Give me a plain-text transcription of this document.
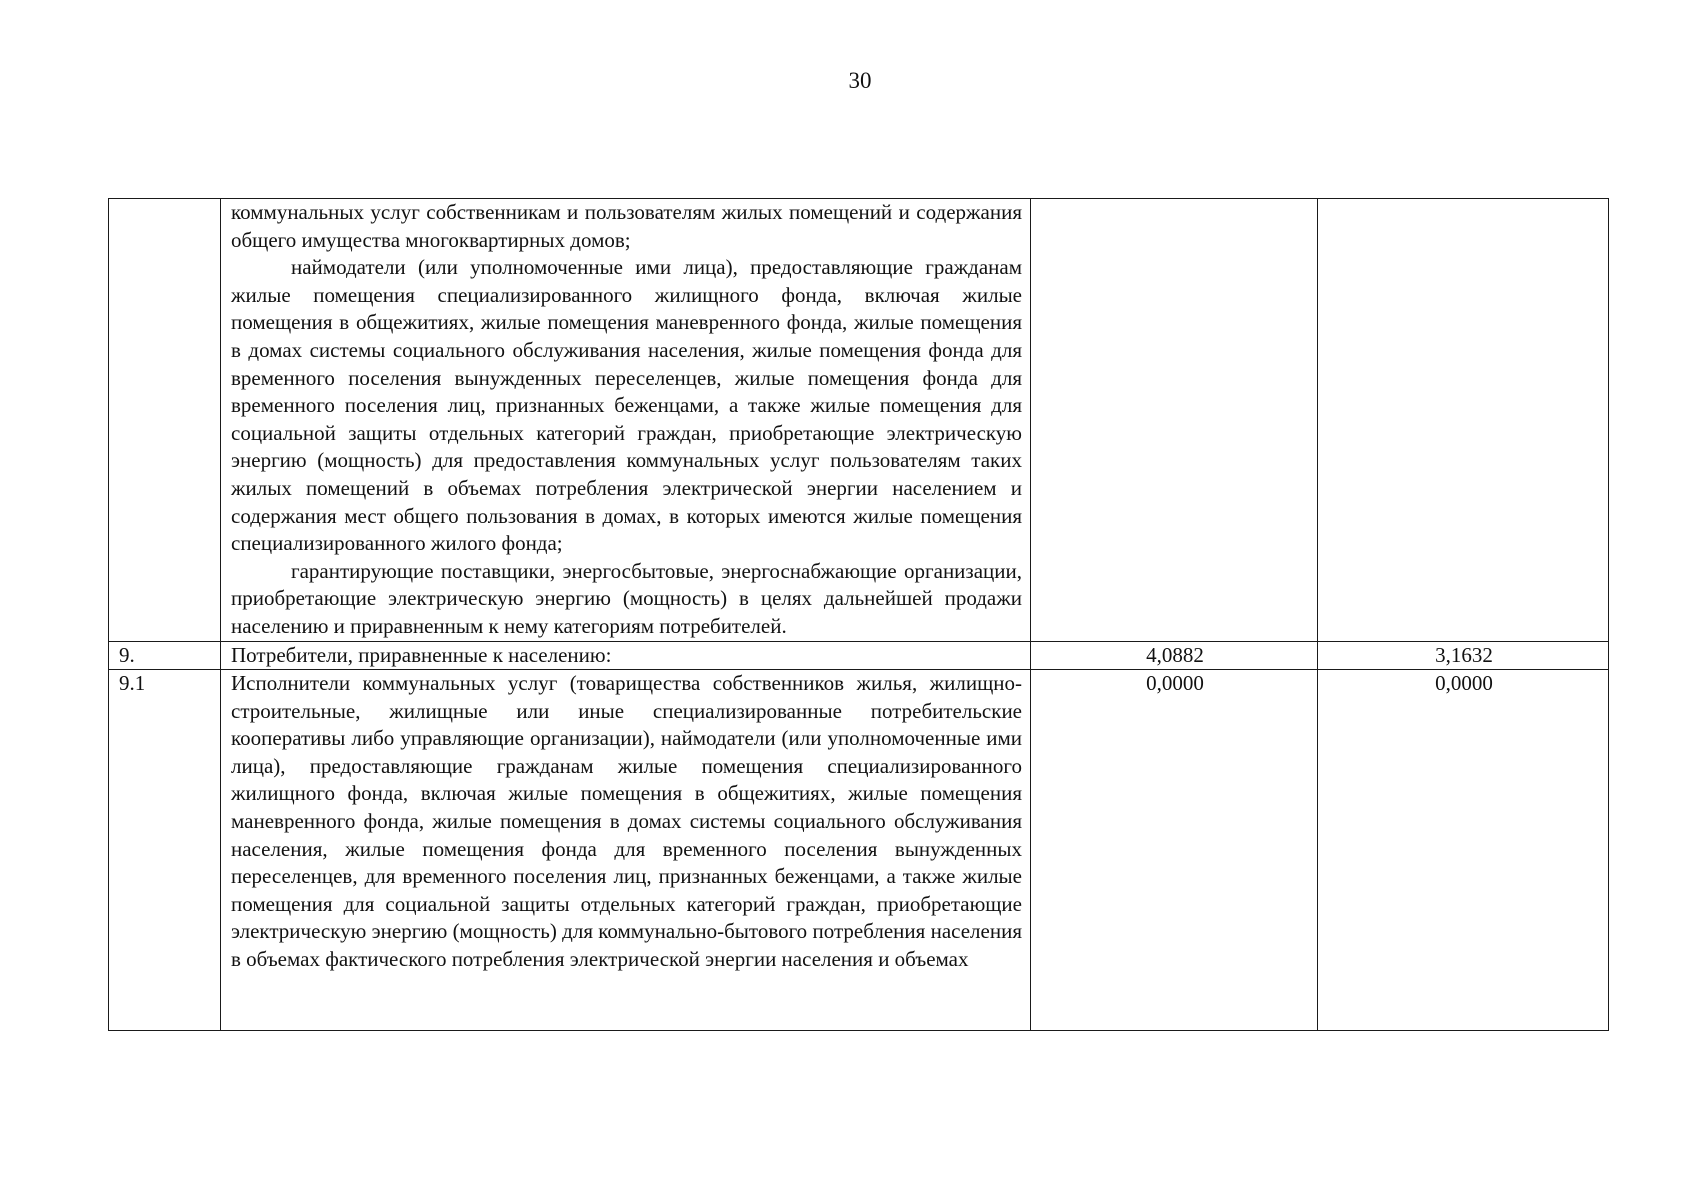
30

	коммунальных услуг собственникам и пользователям жилых помещений и содержания общего имущества многоквартирных домов;

наймодатели (или уполномоченные ими лица), предоставляющие гражданам жилые помещения специализированного жилищного фонда, включая жилые помещения в общежитиях, жилые помещения маневренного фонда, жилые помещения в домах системы социального обслуживания населения, жилые помещения фонда для временного поселения вынужденных переселенцев, жилые помещения фонда для временного поселения лиц, признанных беженцами, а также жилые помещения для социальной защиты отдельных категорий граждан, приобретающие электрическую энергию (мощность) для предоставления коммунальных услуг пользователям таких жилых помещений в объемах потребления электрической энергии населением и содержания мест общего пользования в домах, в которых имеются жилые помещения специализированного жилого фонда;

гарантирующие поставщики, энергосбытовые, энергоснабжающие организации, приобретающие электрическую энергию (мощность) в целях дальнейшей продажи населению и приравненным к нему категориям потребителей.		

9.	Потребители, приравненные к населению:	4,0882	3,1632
9.1	Исполнители коммунальных услуг (товарищества собственников жилья, жилищно-строительные, жилищные или иные специализированные потребительские кооперативы либо управляющие организации), наймодатели (или уполномоченные ими лица), предоставляющие гражданам жилые помещения специализированного жилищного фонда, включая жилые помещения в общежитиях, жилые помещения маневренного фонда, жилые помещения в домах системы социального обслуживания населения, жилые помещения фонда для временного поселения вынужденных переселенцев, для временного поселения лиц, признанных беженцами, а также жилые помещения для социальной защиты отдельных категорий граждан, приобретающие электрическую энергию (мощность) для коммунально-бытового потребления населения в объемах фактического потребления электрической энергии населения и объемах	0,0000	0,0000
